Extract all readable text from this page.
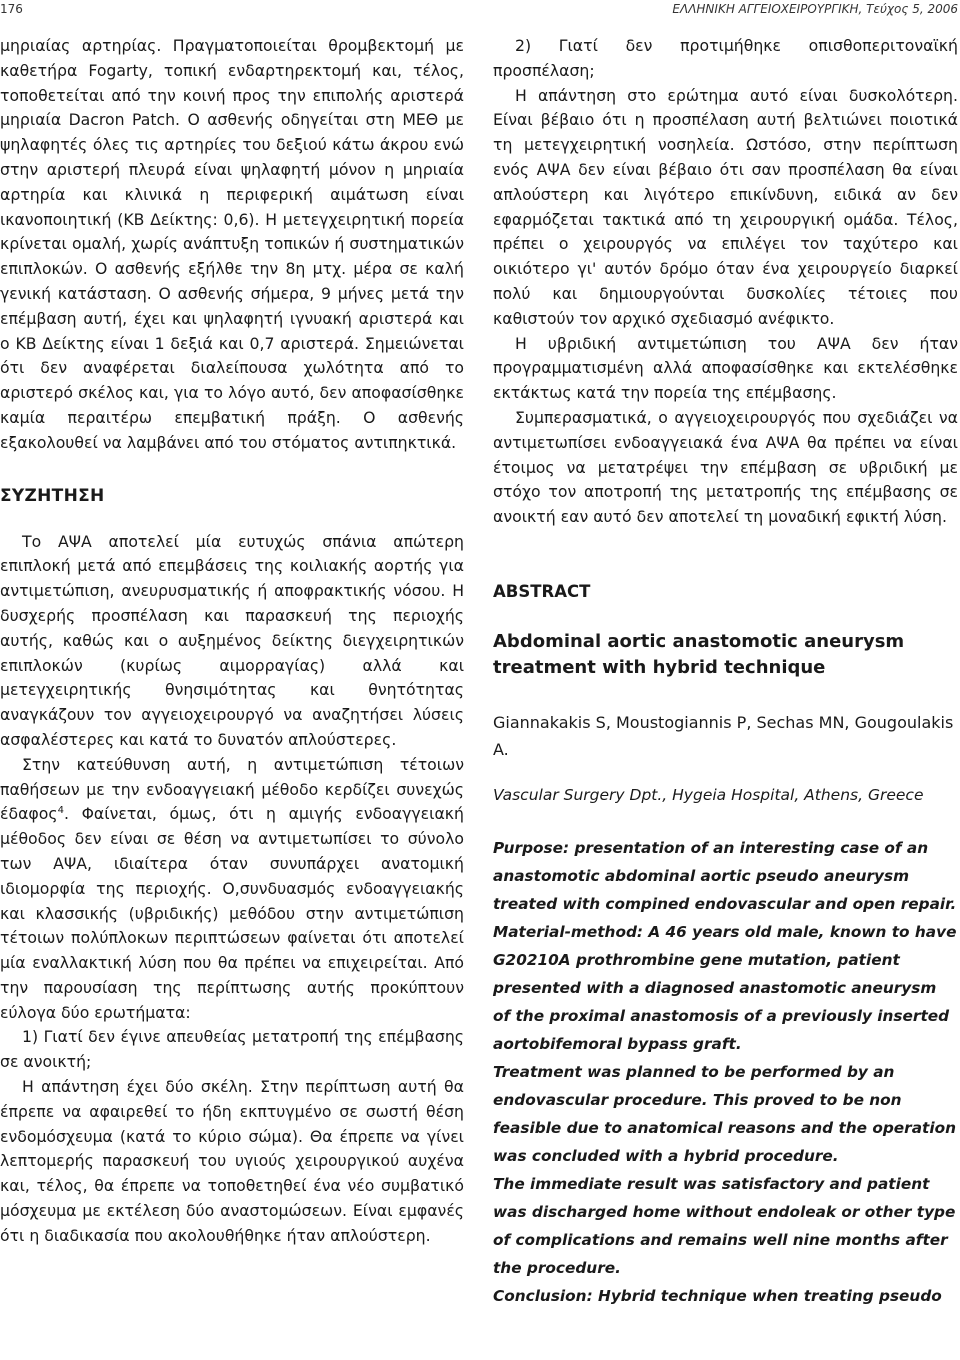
176	ΕΛΛΗΝΙΚΗ ΑΓΓΕΙΟΧΕΙΡΟΥΡΓΙΚΗ, Τεύχος 5, 2006

μηριαίας αρτηρίας. Πραγματοποιείται θρομβεκτομή με καθετήρα Fogarty, τοπική ενδαρτηρεκτομή και, τέλος, τοποθετείται από την κοινή προς την επιπολής αριστερά μηριαία Dacron Patch. Ο ασθενής οδηγείται στη ΜΕΘ με ψηλαφητές όλες τις αρτηρίες του δεξιού κάτω άκρου ενώ στην αριστερή πλευρά είναι ψηλαφητή μόνον η μηριαία αρτηρία και κλινικά η περιφερική αιμάτωση είναι ικανοποιητική (ΚΒ Δείκτης: 0,6). Η μετεγχειρητική πορεία κρίνεται ομαλή, χωρίς ανάπτυξη τοπικών ή συστηματικών επιπλοκών. Ο ασθενής εξήλθε την 8η μτχ. μέρα σε καλή γενική κατάσταση. Ο ασθενής σήμερα, 9 μήνες μετά την επέμβαση αυτή, έχει και ψηλαφητή ιγνυακή αριστερά και ο ΚΒ Δείκτης είναι 1 δεξιά και 0,7 αριστερά. Σημειώνεται ότι δεν αναφέρεται διαλείπουσα χωλότητα από το αριστερό σκέλος και, για το λόγο αυτό, δεν αποφασίσθηκε καμία περαιτέρω επεμβατική πράξη. Ο ασθενής εξακολουθεί να λαμβάνει από του στόματος αντιπηκτικά.

ΣΥΖΗΤΗΣΗ

Το ΑΨΑ αποτελεί μία ευτυχώς σπάνια απώτερη επιπλοκή μετά από επεμβάσεις της κοιλιακής αορτής για αντιμετώπιση, ανευρυσματικής ή αποφρακτικής νόσου. Η δυσχερής προσπέλαση και παρασκευή της περιοχής αυτής, καθώς και ο αυξημένος δείκτης διεγχειρητικών επιπλοκών (κυρίως αιμορραγίας) αλλά και μετεγχειρητικής θνησιμότητας και θνητότητας αναγκάζουν τον αγγειοχειρουργό να αναζητήσει λύσεις ασφαλέστερες και κατά το δυνατόν απλούστερες.

Στην κατεύθυνση αυτή, η αντιμετώπιση τέτοιων παθήσεων με την ενδοαγγειακή μέθοδο κερδίζει συνεχώς έδαφος$^4$. Φαίνεται, όμως, ότι η αμιγής ενδοαγγειακή μέθοδος δεν είναι σε θέση να αντιμετωπίσει το σύνολο των ΑΨΑ, ιδιαίτερα όταν συνυπάρχει ανατομική ιδιομορφία της περιοχής. Ο,συνδυασμός ενδοαγγειακής και κλασσικής (υβριδικής) μεθόδου στην αντιμετώπιση τέτοιων πολύπλοκων περιπτώσεων φαίνεται ότι αποτελεί μία εναλλακτική λύση που θα πρέπει να επιχειρείται. Από την παρουσίαση της περίπτωσης αυτής προκύπτουν εύλογα δύο ερωτήματα:

1) Γιατί δεν έγινε απευθείας μετατροπή της επέμβασης σε ανοικτή;

Η απάντηση έχει δύο σκέλη. Στην περίπτωση αυτή θα έπρεπε να αφαιρεθεί το ήδη εκπτυγμένο σε σωστή θέση ενδομόσχευμα (κατά το κύριο σώμα). Θα έπρεπε να γίνει λεπτομερής παρασκευή του υγιούς χειρουργικού αυχένα και, τέλος, θα έπρεπε να τοποθετηθεί ένα νέο συμβατικό μόσχευμα με εκτέλεση δύο αναστομώσεων. Είναι εμφανές ότι η διαδικασία που ακολουθήθηκε ήταν απλούστερη.

2) Γιατί δεν προτιμήθηκε οπισθοπεριτοναϊκή προσπέλαση;

Η απάντηση στο ερώτημα αυτό είναι δυσκολότερη. Είναι βέβαιο ότι η προσπέλαση αυτή βελτιώνει ποιοτικά τη μετεγχειρητική νοσηλεία. Ωστόσο, στην περίπτωση ενός ΑΨΑ δεν είναι βέβαιο ότι σαν προσπέλαση θα είναι απλούστερη και λιγότερο επικίνδυνη, ειδικά αν δεν εφαρμόζεται τακτικά από τη χειρουργική ομάδα. Τέλος, πρέπει ο χειρουργός να επιλέγει τον ταχύτερο και οικιότερο γι' αυτόν δρόμο όταν ένα χειρουργείο διαρκεί πολύ και δημιουργούνται δυσκολίες τέτοιες που καθιστούν τον αρχικό σχεδιασμό ανέφικτο.

Η υβριδική αντιμετώπιση του ΑΨΑ δεν ήταν προγραμματισμένη αλλά αποφασίσθηκε και εκτελέσθηκε εκτάκτως κατά την πορεία της επέμβασης.

Συμπερασματικά, ο αγγειοχειρουργός που σχεδιάζει να αντιμετωπίσει ενδοαγγειακά ένα ΑΨΑ θα πρέπει να είναι έτοιμος να μετατρέψει την επέμβαση σε υβριδική με στόχο τον αποτροπή της μετατροπής της επέμβασης σε ανοικτή εαν αυτό δεν αποτελεί τη μοναδική εφικτή λύση.

ABSTRACT
Abdominal aortic anastomotic aneurysm treatment with hybrid technique

Giannakakis S, Moustogiannis P, Sechas MN, Gougoulakis A.

Vascular Surgery Dpt., Hygeia Hospital, Athens, Greece

Purpose: presentation of an interesting case of an anastomotic abdominal aortic pseudo aneurysm treated with compined endovascular and open repair.

Material-method: A 46 years old male, known to have G20210A prothrombine gene mutation, patient presented with a diagnosed anastomotic aneurysm of the proximal anastomosis of a previously inserted aortobifemoral bypass graft.

Treatment was planned to be performed by an endovascular procedure. This proved to be non feasible due to anatomical reasons and the operation was concluded with a hybrid procedure.

The immediate result was satisfactory and patient was discharged home without endoleak or other type of complications and remains well nine months after the procedure.

Conclusion: Hybrid technique when treating pseudo
